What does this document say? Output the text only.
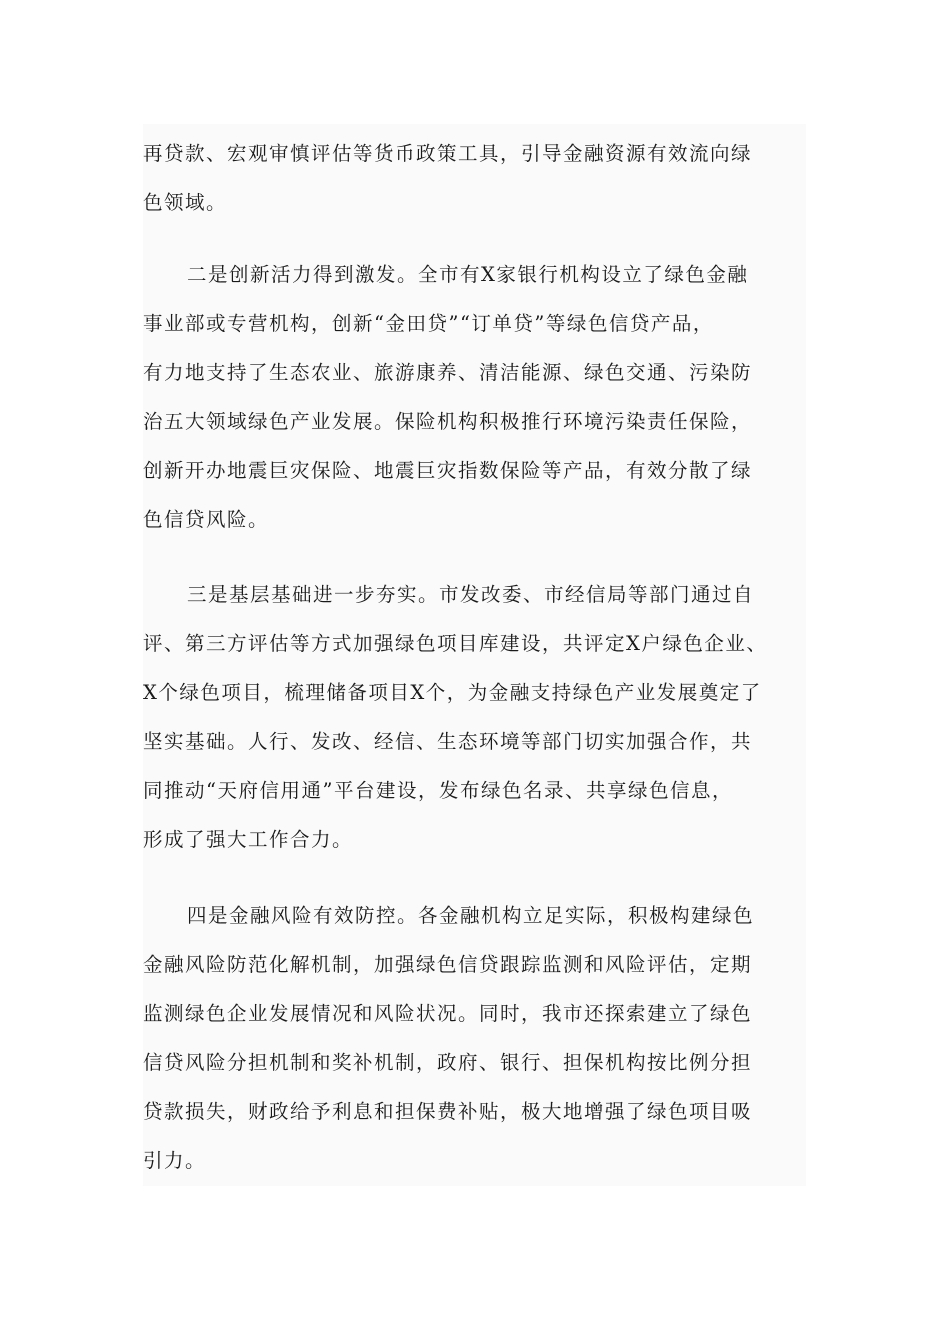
再贷款、宏观审慎评估等货币政策工具，引导金融资源有效流向绿
色领域。

二是创新活力得到激发。全市有X家银行机构设立了绿色金融
事业部或专营机构，创新“金田贷”“订单贷”等绿色信贷产品，
有力地支持了生态农业、旅游康养、清洁能源、绿色交通、污染防
治五大领域绿色产业发展。保险机构积极推行环境污染责任保险，
创新开办地震巨灾保险、地震巨灾指数保险等产品，有效分散了绿
色信贷风险。

三是基层基础进一步夯实。市发改委、市经信局等部门通过自
评、第三方评估等方式加强绿色项目库建设，共评定X户绿色企业、
X个绿色项目，梳理储备项目X个，为金融支持绿色产业发展奠定了
坚实基础。人行、发改、经信、生态环境等部门切实加强合作，共
同推动“天府信用通”平台建设，发布绿色名录、共享绿色信息，
形成了强大工作合力。

四是金融风险有效防控。各金融机构立足实际，积极构建绿色
金融风险防范化解机制，加强绿色信贷跟踪监测和风险评估，定期
监测绿色企业发展情况和风险状况。同时，我市还探索建立了绿色
信贷风险分担机制和奖补机制，政府、银行、担保机构按比例分担
贷款损失，财政给予利息和担保费补贴，极大地增强了绿色项目吸
引力。
